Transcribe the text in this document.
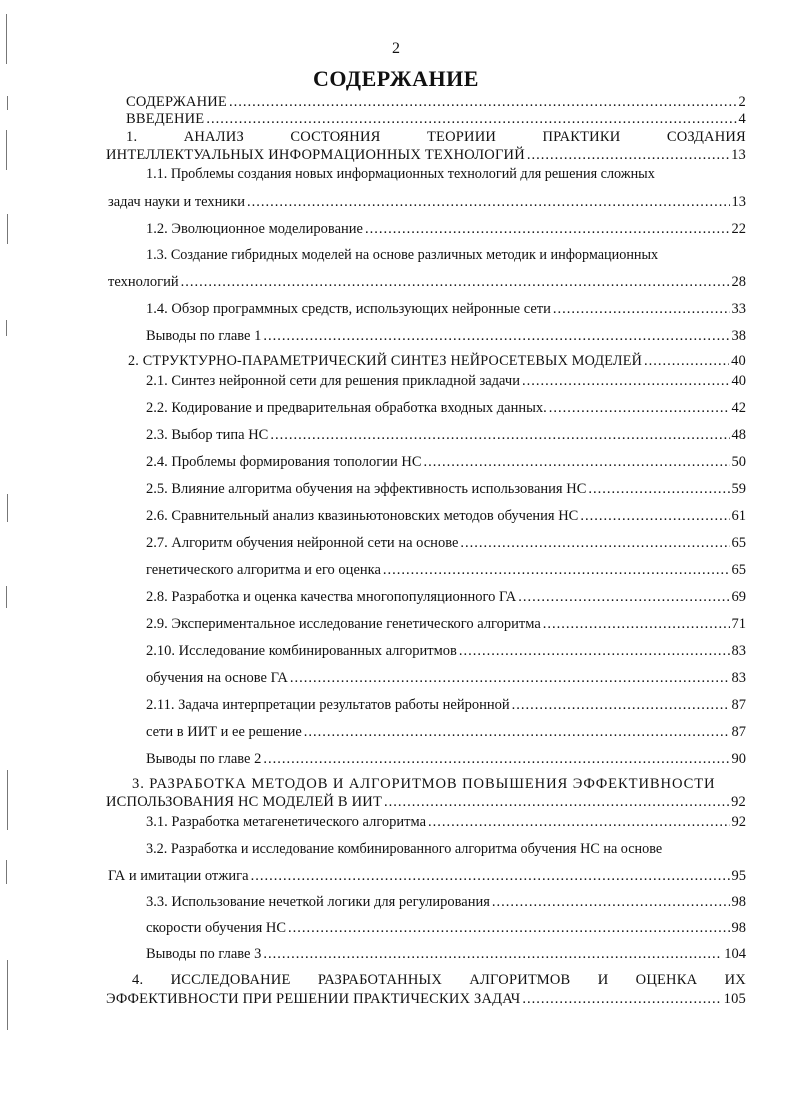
2
СОДЕРЖАНИЕ
СОДЕРЖАНИЕ .....	2
ВВЕДЕНИЕ .....	4
1.	АНАЛИЗ	СОСТОЯНИЯ	ТЕОРИИИ	ПРАКТИКИ	СОЗДАНИЯ
ИНТЕЛЛЕКТУАЛЬНЫХ ИНФОРМАЦИОННЫХ ТЕХНОЛОГИЙ .....	13
1.1. Проблемы создания новых информационных технологий для решения сложных
задач науки и техники .....	13
1.2. Эволюционное моделирование .....	22
1.3. Создание гибридных моделей на основе различных методик и информационных
технологий .....	28
1.4. Обзор программных средств, использующих нейронные сети .....	33
Выводы по главе 1 .....	38
2. СТРУКТУРНО-ПАРАМЕТРИЧЕСКИЙ СИНТЕЗ НЕЙРОСЕТЕВЫХ МОДЕЛЕЙ .....	40
2.1. Синтез нейронной сети для решения прикладной задачи .....	40
2.2. Кодирование и предварительная обработка входных данных. .....	42
2.3. Выбор типа НС .....	48
2.4. Проблемы формирования топологии НС .....	50
2.5. Влияние алгоритма обучения на эффективность использования НС .....	59
2.6. Сравнительный анализ квазиньютоновских методов обучения НС .....	61
2.7. Алгоритм обучения нейронной сети на основе .....	65
генетического алгоритма и его оценка .....	65
2.8. Разработка и оценка качества многопопуляционного ГА .....	69
2.9. Экспериментальное исследование генетического алгоритма .....	71
2.10. Исследование комбинированных алгоритмов .....	83
обучения на основе ГА .....	83
2.11. Задача интерпретации результатов работы нейронной .....	87
сети в ИИТ и ее решение .....	87
Выводы по главе 2 .....	90
3. РАЗРАБОТКА МЕТОДОВ И АЛГОРИТМОВ ПОВЫШЕНИЯ ЭФФЕКТИВНОСТИ
ИСПОЛЬЗОВАНИЯ НС МОДЕЛЕЙ В ИИТ .....	92
3.1. Разработка метагенетического алгоритма .....	92
3.2. Разработка и исследование комбинированного алгоритма обучения НС на основе
ГА и имитации отжига .....	95
3.3. Использование нечеткой логики для регулирования .....	98
скорости обучения НС .....	98
Выводы по главе 3 .....	104
4. ИССЛЕДОВАНИЕ РАЗРАБОТАННЫХ АЛГОРИТМОВ И ОЦЕНКА ИХ
ЭФФЕКТИВНОСТИ ПРИ РЕШЕНИИ ПРАКТИЧЕСКИХ ЗАДАЧ .....	105
